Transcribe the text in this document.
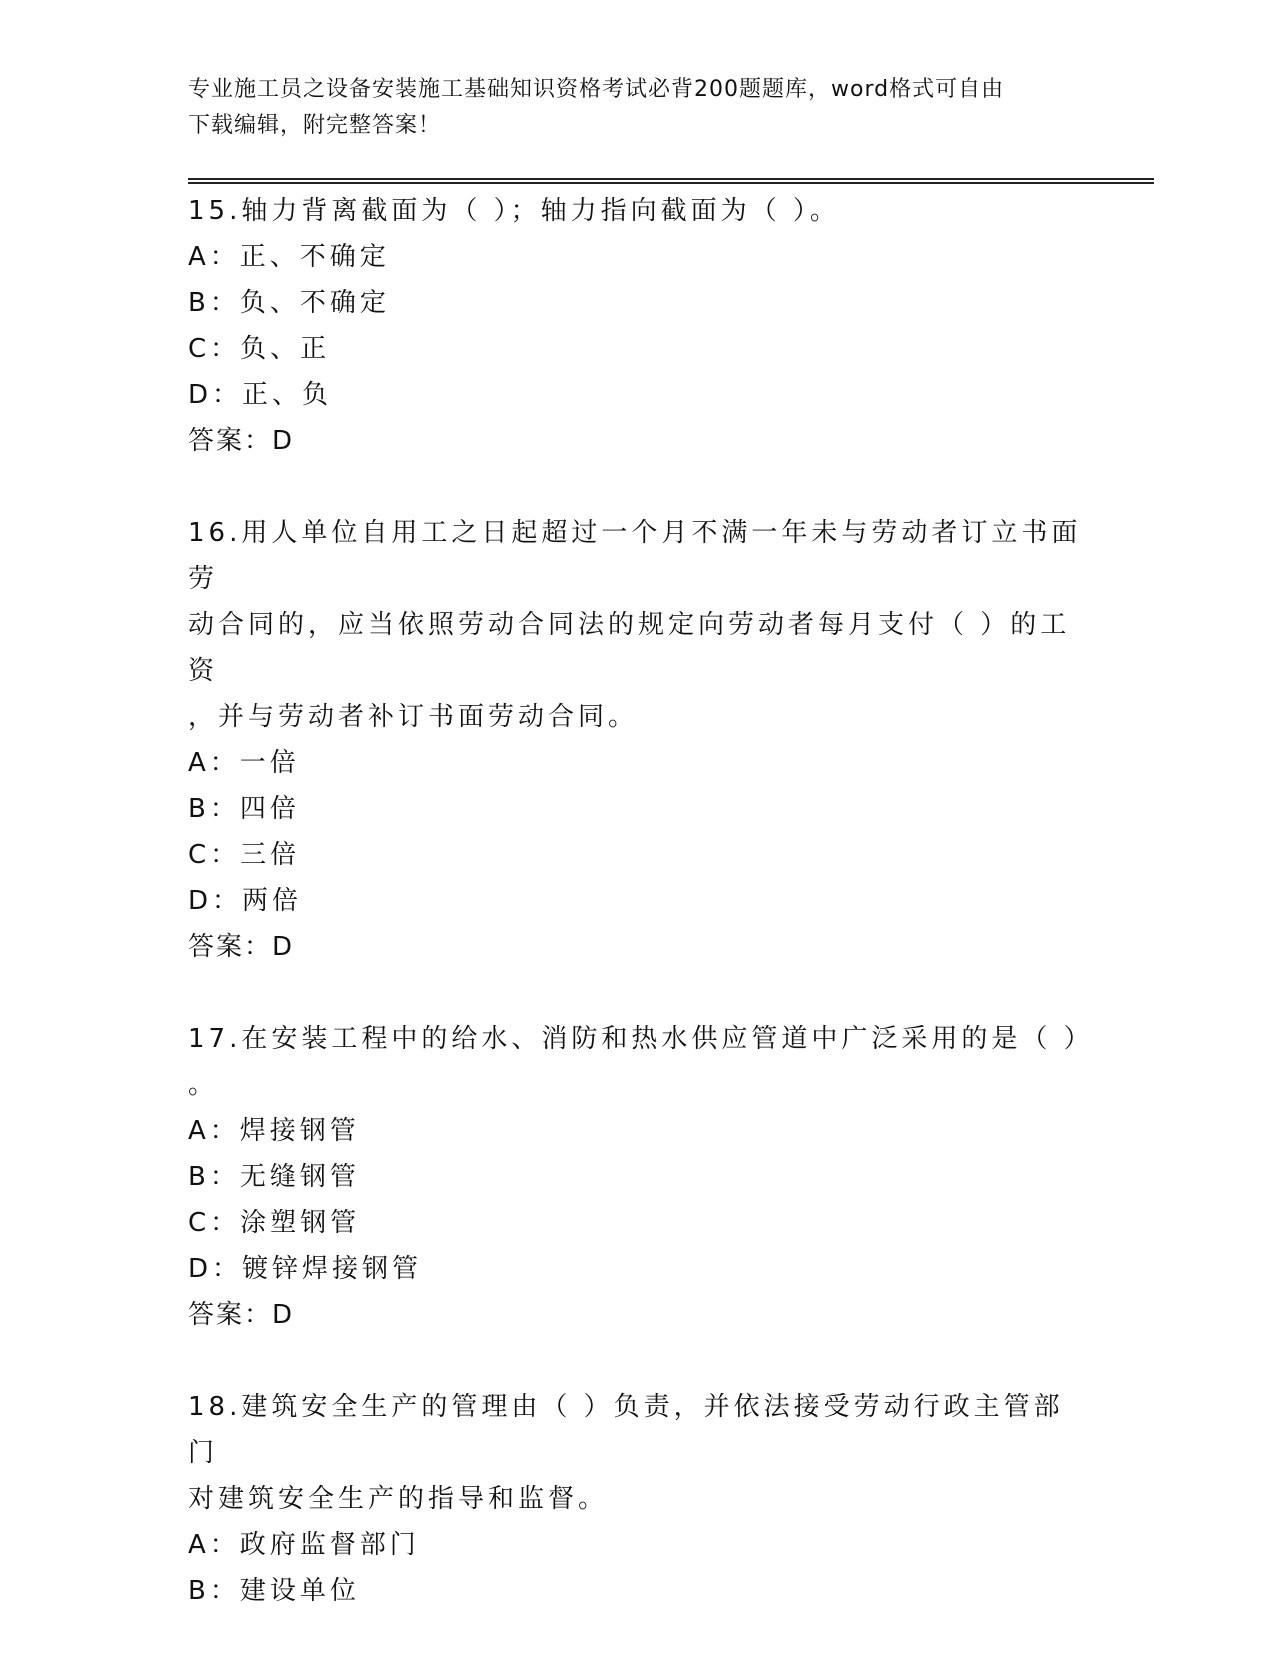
专业施工员之设备安装施工基础知识资格考试必背200题题库，word格式可自由
下载编辑，附完整答案！

15.轴力背离截面为（ ）；轴力指向截面为（ ）。

A：正、不确定

B：负、不确定

C：负、正

D：正、负

答案：D

16.用人单位自用工之日起超过一个月不满一年未与劳动者订立书面劳

动合同的，应当依照劳动合同法的规定向劳动者每月支付（ ）的工资

，并与劳动者补订书面劳动合同。

A：一倍

B：四倍

C：三倍

D：两倍

答案：D

17.在安装工程中的给水、消防和热水供应管道中广泛采用的是（ ）

。

A：焊接钢管

B：无缝钢管

C：涂塑钢管

D：镀锌焊接钢管

答案：D

18.建筑安全生产的管理由（ ）负责，并依法接受劳动行政主管部门

对建筑安全生产的指导和监督。

A：政府监督部门

B：建设单位
